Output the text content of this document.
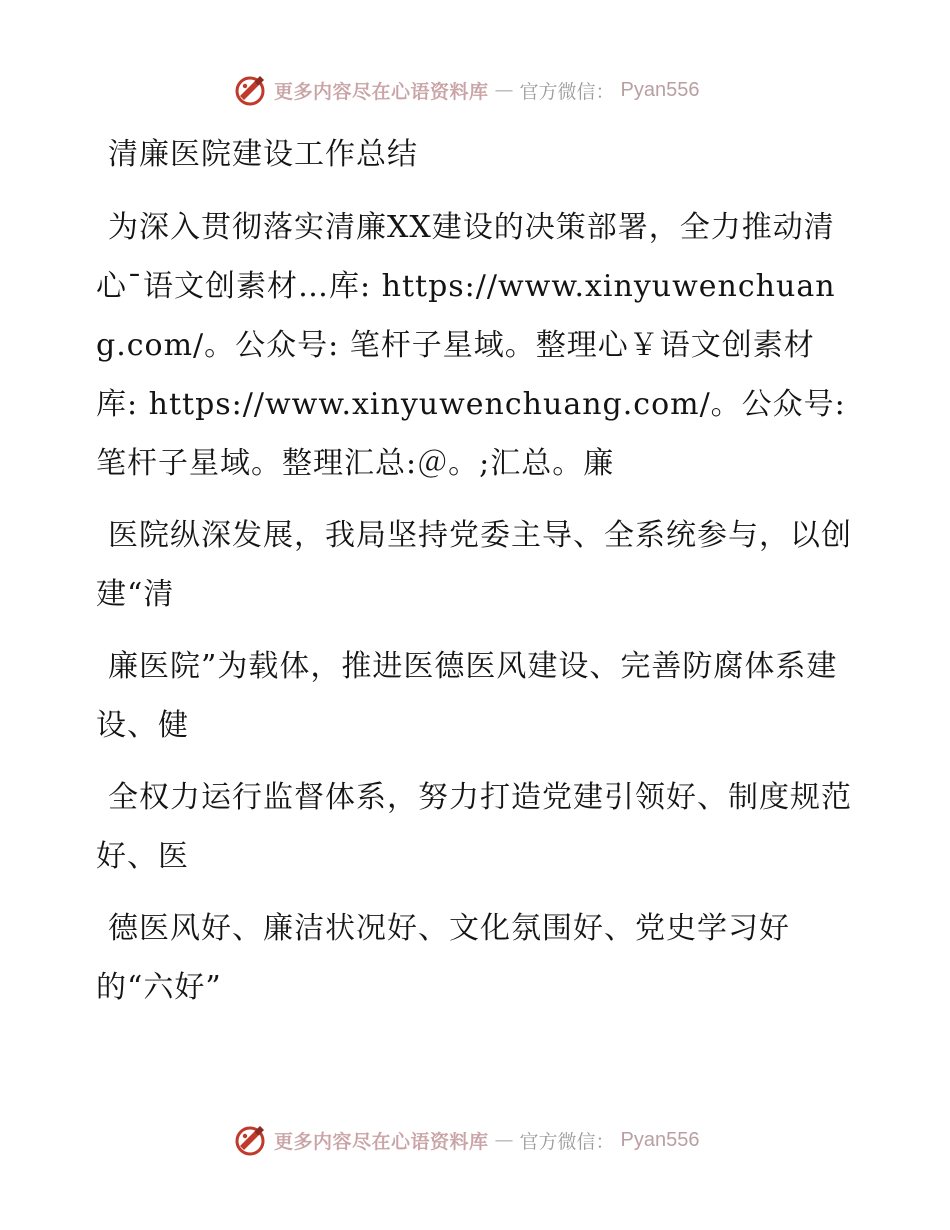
更多内容尽在心语资料库 — 官方微信： Pyan556

清廉医院建设工作总结

为深入贯彻落实清廉XX建设的决策部署，全力推动清心¯语文创素材…库: https://www.xinyuwenchuang.com/。公众号: 笔杆子星域。整理心￥语文创素材库: https://www.xinyuwenchuang.com/。公众号: 笔杆子星域。整理汇总:＠。;汇总。廉

医院纵深发展，我局坚持党委主导、全系统参与，以创建“清

廉医院”为载体，推进医德医风建设、完善防腐体系建设、健

全权力运行监督体系，努力打造党建引领好、制度规范好、医

德医风好、廉洁状况好、文化氛围好、党史学习好的“六好”

更多内容尽在心语资料库 — 官方微信： Pyan556
